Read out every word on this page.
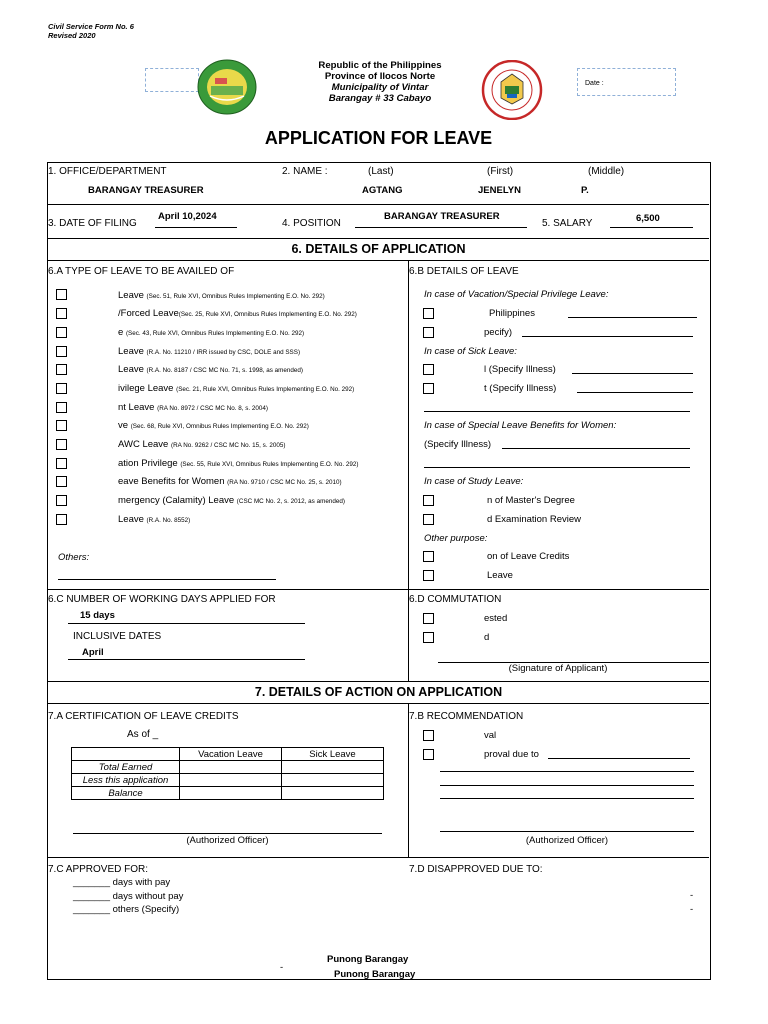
Civil Service Form No. 6
Revised 2020
Republic of the Philippines
Province of Ilocos Norte
Municipality of Vintar
Barangay # 33 Cabayo
Date :
APPLICATION FOR LEAVE
1. OFFICE/DEPARTMENT
BARANGAY TREASURER
2. NAME :	(Last)	(First)	(Middle)
AGTANG	JENELYN	P.
3. DATE OF FILING
April 10,2024
4. POSITION
BARANGAY TREASURER
5. SALARY	6,500
6. DETAILS OF APPLICATION
6.A TYPE OF LEAVE TO BE AVAILED OF
Leave (Sec. 51, Rule XVI, Omnibus Rules Implementing E.O. No. 292)
/Forced Leave(Sec. 25, Rule XVI, Omnibus Rules Implementing E.O. No. 292)
e (Sec. 43, Rule XVI, Omnibus Rules Implementing E.O. No. 292)
Leave (R.A. No. 11210 / IRR issued by CSC, DOLE and SSS)
Leave (R.A. No. 8187 / CSC MC No. 71, s. 1998, as amended)
ivilege Leave (Sec. 21, Rule XVI, Omnibus Rules Implementing E.O. No. 292)
nt Leave (RA No. 8972 / CSC MC No. 8, s. 2004)
ve (Sec. 68, Rule XVI, Omnibus Rules Implementing E.O. No. 292)
AWC Leave (RA No. 9262 / CSC MC No. 15, s. 2005)
ation Privilege (Sec. 55, Rule XVI, Omnibus Rules Implementing E.O. No. 292)
eave Benefits for Women (RA No. 9710 / CSC MC No. 25, s. 2010)
mergency (Calamity) Leave (CSC MC No. 2, s. 2012, as amended)
Leave (R.A. No. 8552)
Others:
6.B DETAILS OF LEAVE
In case of Vacation/Special Privilege Leave:
Philippines
pecify)
In case of Sick Leave:
l (Specify Illness)
t (Specify Illness)
In case of Special Leave Benefits for Women:
(Specify Illness)
In case of Study Leave:
n of Master's Degree
d Examination Review
Other purpose:
on of Leave Credits
Leave
6.C NUMBER OF WORKING DAYS APPLIED FOR
15 days
INCLUSIVE DATES
April
6.D COMMUTATION
ested
d
(Signature of Applicant)
7. DETAILS OF ACTION ON APPLICATION
7.A CERTIFICATION OF LEAVE CREDITS
As of _
	Vacation Leave	Sick Leave
Total Earned		
Less this application		
Balance		
(Authorized Officer)
7.B RECOMMENDATION
val
proval due to
(Authorized Officer)
7.C APPROVED FOR:
_______ days with pay
_______ days without pay
_______ others (Specify)
7.D DISAPPROVED DUE TO:
-
-
Punong Barangay
-
Punong Barangay
